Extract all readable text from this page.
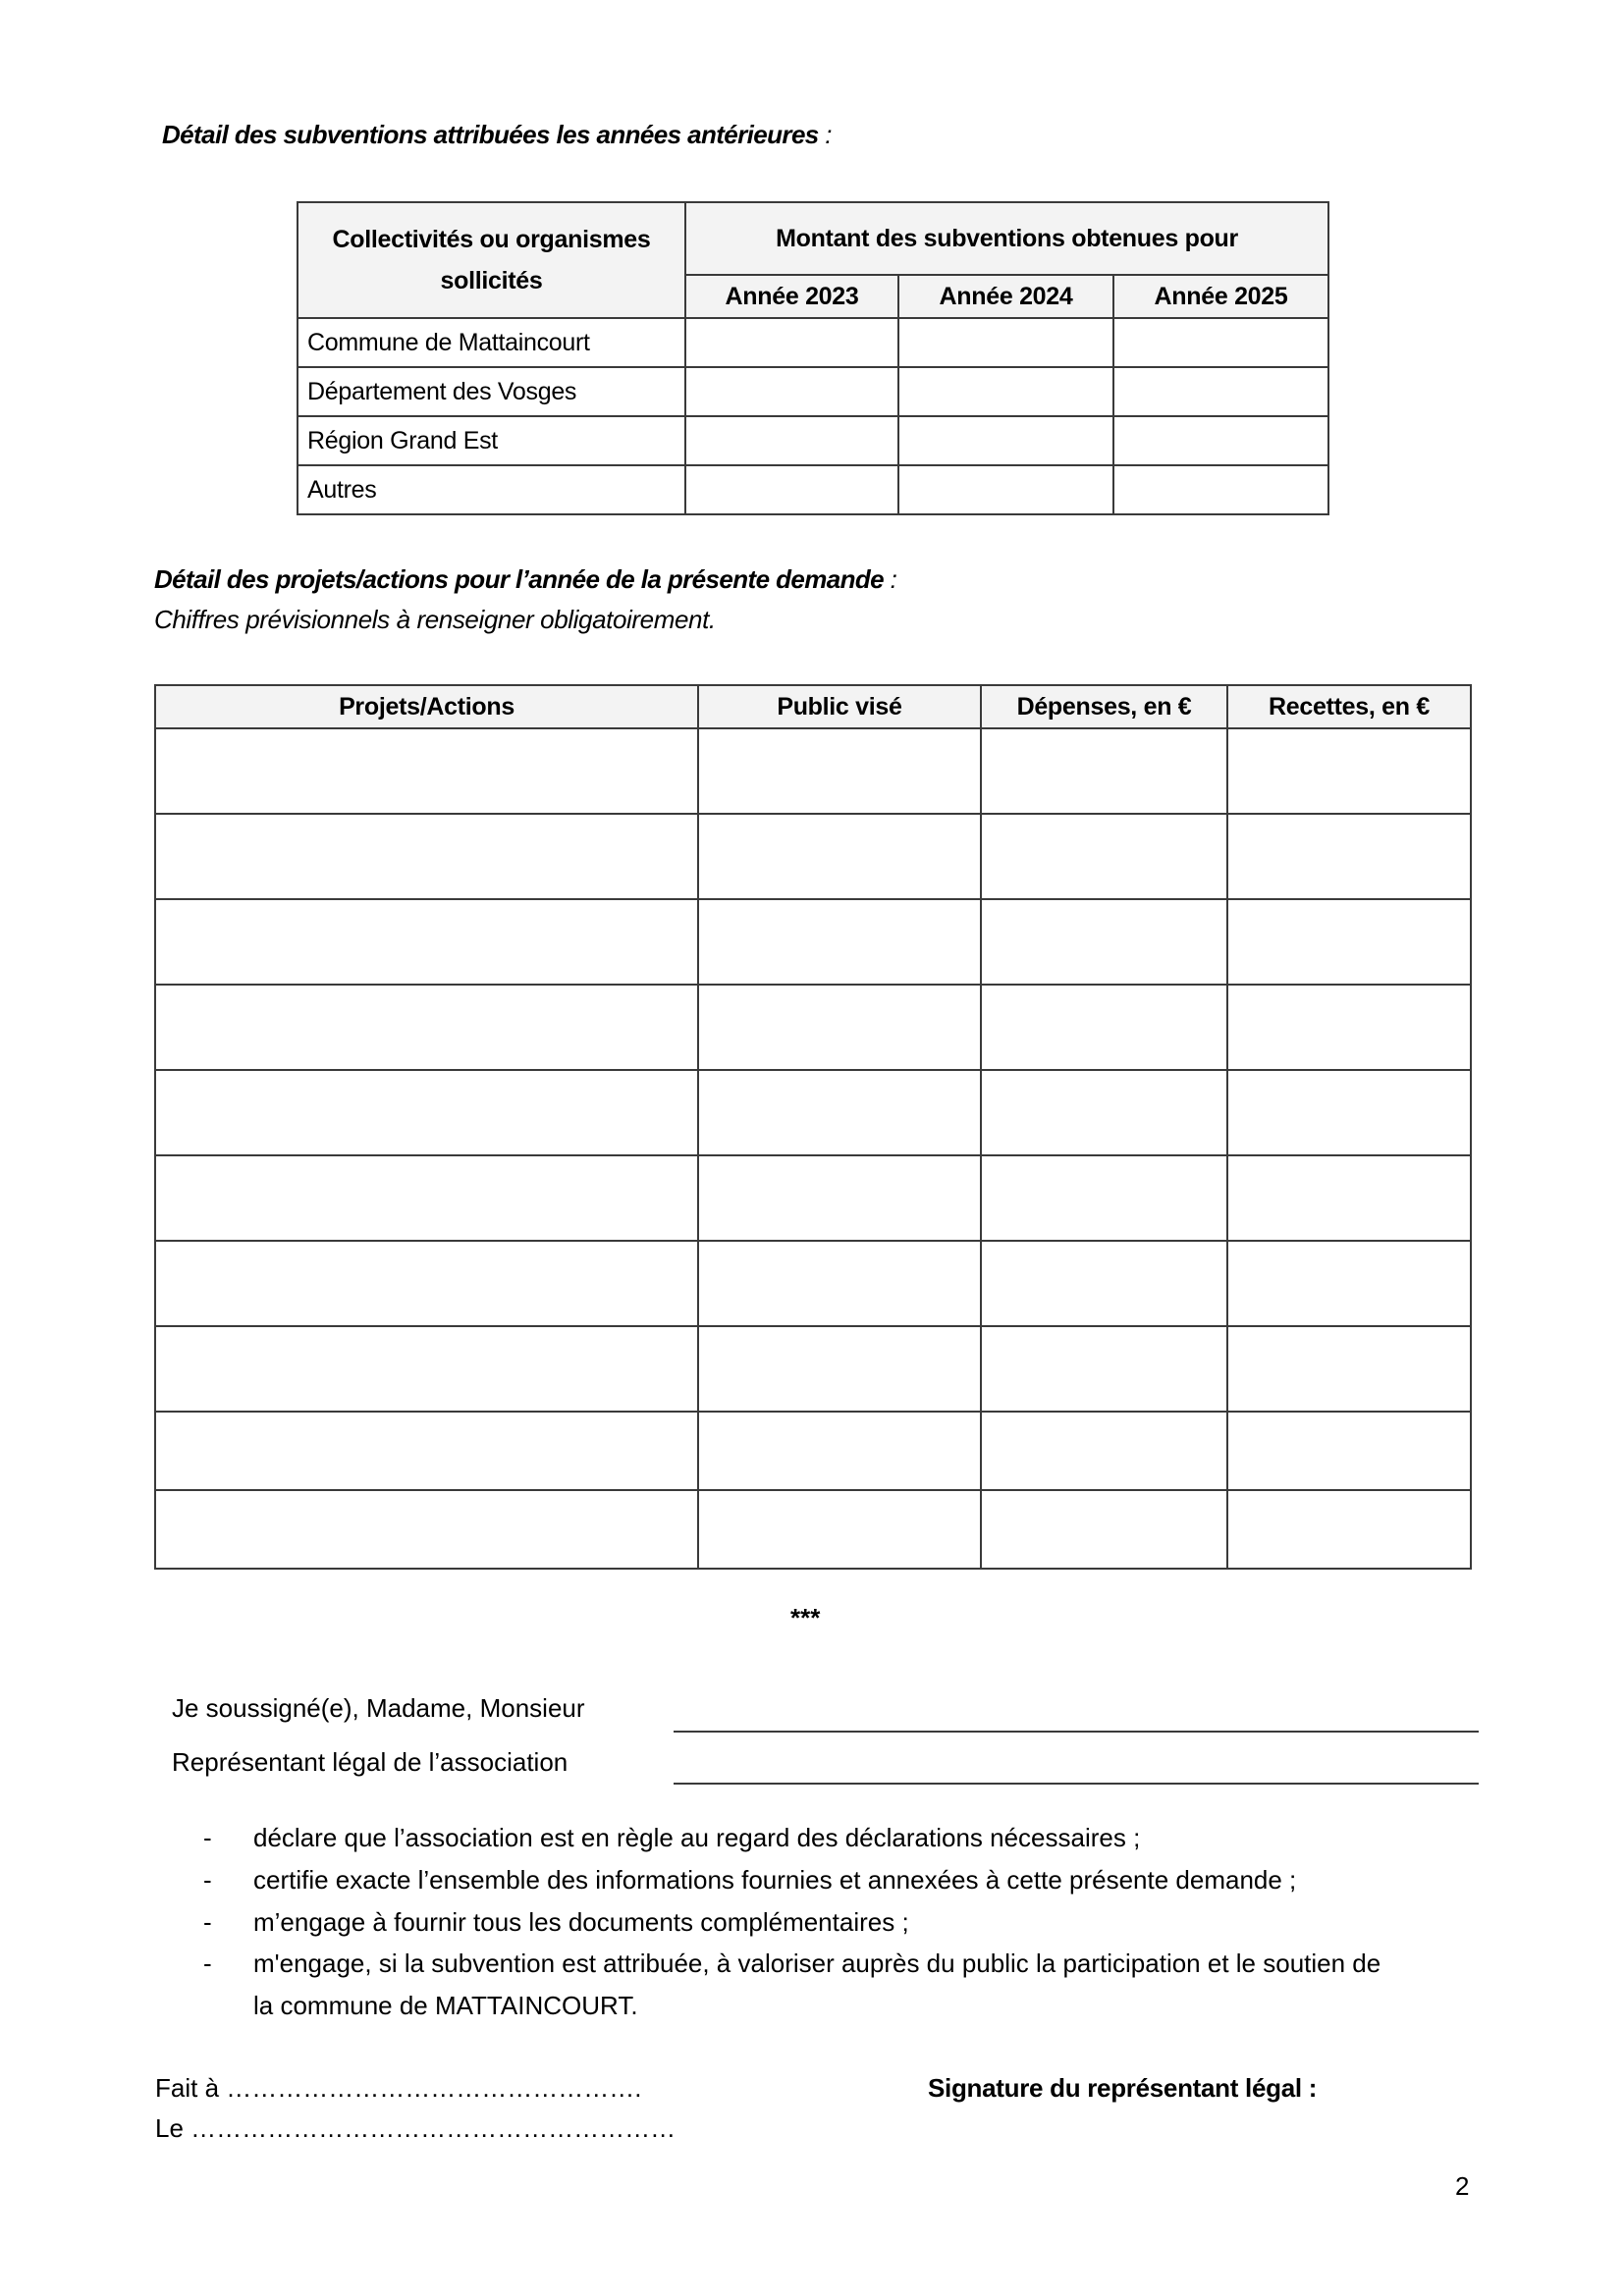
Détail des subventions attribuées les années antérieures :
Collectivités ou organismes sollicités	Montant des subventions obtenues pour		
	Année 2023	Année 2024	Année 2025
Commune de Mattaincourt			
Département des Vosges			
Région Grand Est			
Autres			
Détail des projets/actions pour l’année de la présente demande :
Chiffres prévisionnels à renseigner obligatoirement.
Projets/Actions	Public visé	Dépenses, en €	Recettes, en €

***
Je soussigné(e), Madame, Monsieur
Représentant légal de l’association
- déclare que l’association est en règle au regard des déclarations nécessaires ;
- certifie exacte l’ensemble des informations fournies et annexées à cette présente demande ;
- m’engage à fournir tous les documents complémentaires ;
- m'engage, si la subvention est attribuée, à valoriser auprès du public la participation et le soutien de
la commune de MATTAINCOURT.
Fait à ………………………………………….
Le …………………………………………………
Signature du représentant légal :
2
